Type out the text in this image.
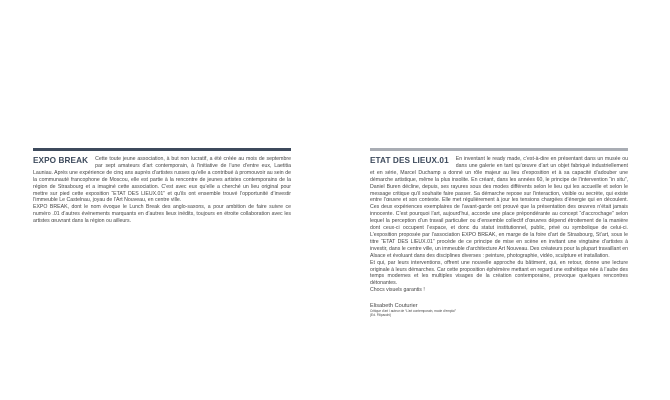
EXPO BREAK	Cette toute jeune association, à but non lucratif, a été créée au mois de septembre par sept amateurs d’art contemporain, à l’initiative de l’une d’entre eux, Laetitia Launiau. Après une expérience de cinq ans auprès d’artistes russes qu’elle a contribué à promouvoir au sein de la communauté francophone de Moscou, elle est partie à la rencontre de jeunes artistes contemporains de la région de Strasbourg et a imaginé cette association. C’est avec eux qu’elle a cherché un lieu original pour mettre sur pied cette exposition “ETAT DES LIEUX.01” et qu’ils ont ensemble trouvé l’opportunité d’investir l’immeuble Le Castelnau, joyau de l’Art Nouveau, en centre ville.

EXPO BREAK, dont le nom évoque le Lunch Break des anglo-saxons, a pour ambition de faire suivre ce numéro .01 d’autres événements marquants en d’autres lieux inédits, toujours en étroite collaboration avec les artistes œuvrant dans la région ou ailleurs.

ETAT DES LIEUX.01	En inventant le ready made, c’est-à-dire en présentant dans un musée ou dans une galerie en tant qu’œuvre d’art un objet fabriqué industriellement et en série, Marcel Duchamp a donné un rôle majeur au lieu d’exposition et à sa capacité d’adouber une démarche artistique, même la plus insolite. En créant, dans les années 60, le principe de l’intervention “in situ”, Daniel Buren décline, depuis, ses rayures sous des modes différents selon le lieu qui les accueille et selon le message critique qu’il souhaite faire passer. Sa démarche repose sur l’interaction, visible ou secrète, qui existe entre l’œuvre et son contexte. Elle met régulièrement à jour les tensions chargées d’énergie qui en découlent. Ces deux expériences exemplaires de l’avant-garde ont prouvé que la présentation des œuvres n’était jamais innocente. C’est pourquoi l’art, aujourd’hui, accorde une place prépondérante au concept “d’accrochage” selon lequel la perception d’un travail particulier ou d’ensemble collectif d’œuvres dépend étroitement de la manière dont ceux-ci occupent l’espace, et donc du statut institutionnel, public, privé ou symbolique de celui-ci. L’exposition proposée par l’association EXPO BREAK, en marge de la foire d’art de Strasbourg, St’art, sous le titre “ETAT DES LIEUX.01” procède de ce principe de mise en scène en invitant une vingtaine d’artistes à investir, dans le centre ville, un immeuble d’architecture Art Nouveau. Des créateurs pour la plupart travaillant en Alsace et évoluant dans des disciplines diverses : peinture, photographie, vidéo, sculpture et installation.

Et qui, par leurs interventions, offrent une nouvelle approche du bâtiment, qui, en retour, donne une lecture originale à leurs démarches. Car cette proposition éphémère mettant en regard une esthétique née à l’aube des temps modernes et les multiples visages de la création contemporaine, provoque quelques rencontres détonantes.

Chocs visuels garantis !

Elisabeth Couturier

Critique d’art / auteur de “L’art contemporain, mode d’emploi”

(Ed. Filipacchi)
